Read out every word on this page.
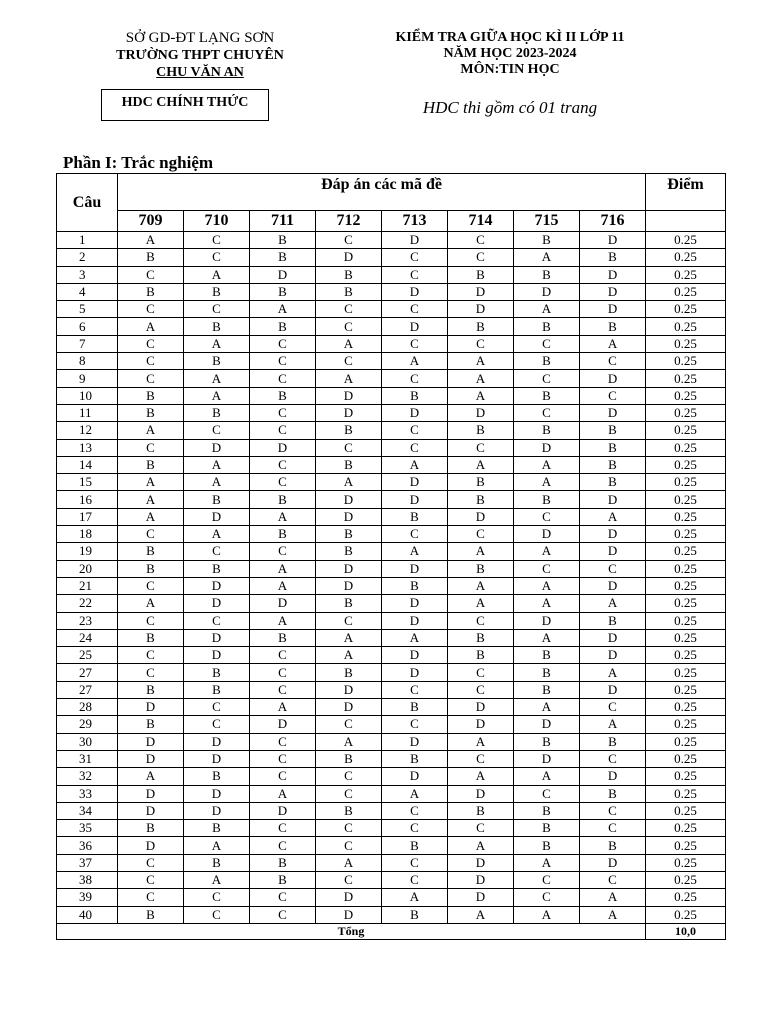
SỞ GD-ĐT LẠNG SƠN
TRƯỜNG THPT CHUYÊN
CHU VĂN AN
HDC CHÍNH THỨC
KIỂM TRA GIỮA HỌC KÌ II LỚP 11
NĂM HỌC 2023-2024
MÔN:TIN HỌC
HDC thi gồm có 01 trang
Phần I: Trắc nghiệm
Câu	Đáp án các mã đề								Điểm
	709	710	711	712	713	714	715	716	
1	A	C	B	C	D	C	B	D	0.25
2	B	C	B	D	C	C	A	B	0.25
3	C	A	D	B	C	B	B	D	0.25
4	B	B	B	B	D	D	D	D	0.25
5	C	C	A	C	C	D	A	D	0.25
6	A	B	B	C	D	B	B	B	0.25
7	C	A	C	A	C	C	C	A	0.25
8	C	B	C	C	A	A	B	C	0.25
9	C	A	C	A	C	A	C	D	0.25
10	B	A	B	D	B	A	B	C	0.25
11	B	B	C	D	D	D	C	D	0.25
12	A	C	C	B	C	B	B	B	0.25
13	C	D	D	C	C	C	D	B	0.25
14	B	A	C	B	A	A	A	B	0.25
15	A	A	C	A	D	B	A	B	0.25
16	A	B	B	D	D	B	B	D	0.25
17	A	D	A	D	B	D	C	A	0.25
18	C	A	B	B	C	C	D	D	0.25
19	B	C	C	B	A	A	A	D	0.25
20	B	B	A	D	D	B	C	C	0.25
21	C	D	A	D	B	A	A	D	0.25
22	A	D	D	B	D	A	A	A	0.25
23	C	C	A	C	D	C	D	B	0.25
24	B	D	B	A	A	B	A	D	0.25
25	C	D	C	A	D	B	B	D	0.25
27	C	B	C	B	D	C	B	A	0.25
27	B	B	C	D	C	C	B	D	0.25
28	D	C	A	D	B	D	A	C	0.25
29	B	C	D	C	C	D	D	A	0.25
30	D	D	C	A	D	A	B	B	0.25
31	D	D	C	B	B	C	D	C	0.25
32	A	B	C	C	D	A	A	D	0.25
33	D	D	A	C	A	D	C	B	0.25
34	D	D	D	B	C	B	B	C	0.25
35	B	B	C	C	C	C	B	C	0.25
36	D	A	C	C	B	A	B	B	0.25
37	C	B	B	A	C	D	A	D	0.25
38	C	A	B	C	C	D	C	C	0.25
39	C	C	C	D	A	D	C	A	0.25
40	B	C	C	D	B	A	A	A	0.25
Tổng									10,0
